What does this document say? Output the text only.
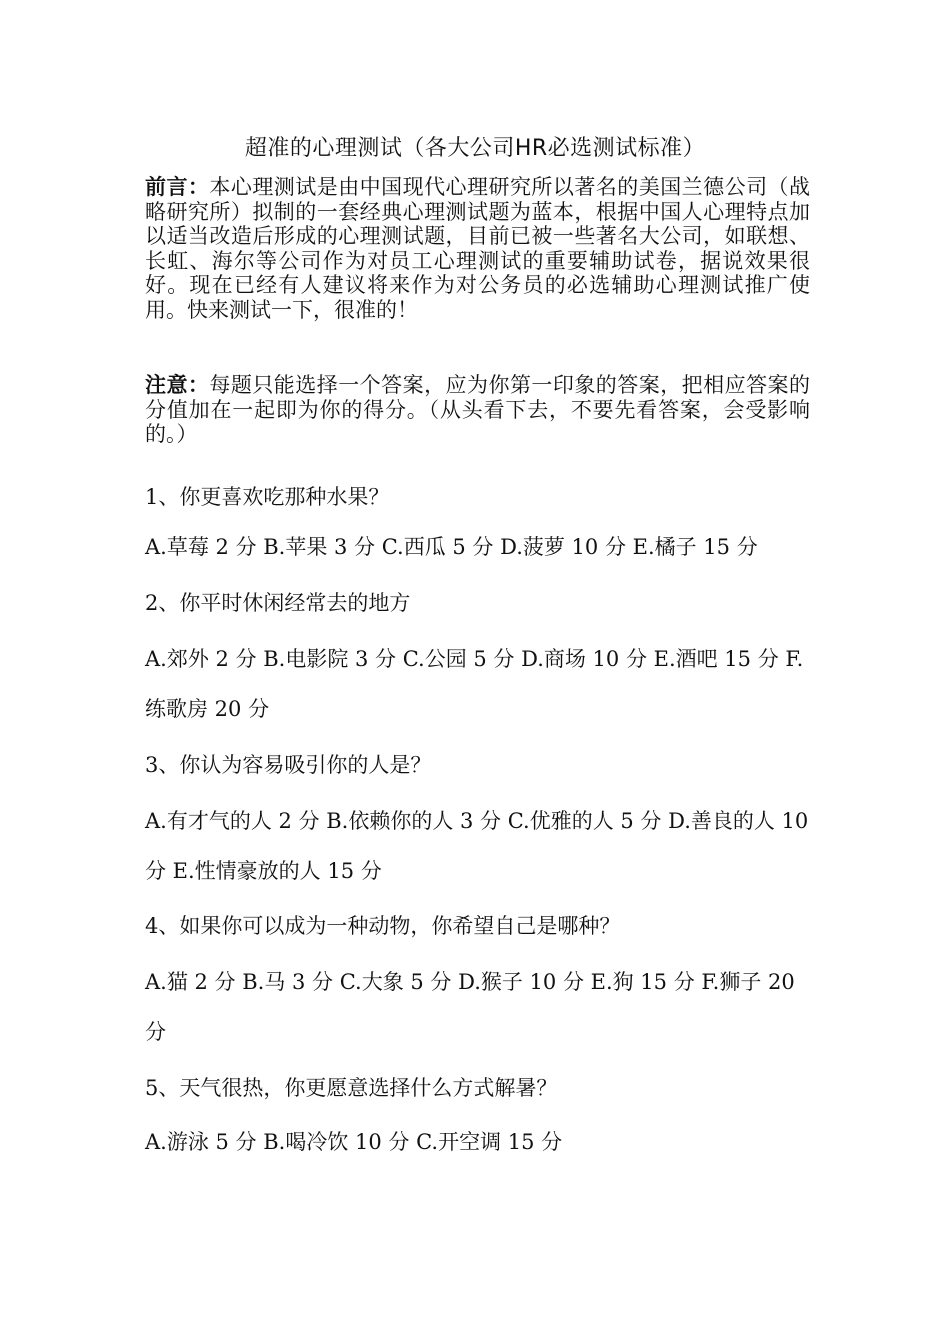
超准的心理测试（各大公司HR必选测试标准）

前言：本心理测试是由中国现代心理研究所以著名的美国兰德公司（战略研究所）拟制的一套经典心理测试题为蓝本，根据中国人心理特点加以适当改造后形成的心理测试题，目前已被一些著名大公司，如联想、长虹、海尔等公司作为对员工心理测试的重要辅助试卷，据说效果很好。现在已经有人建议将来作为对公务员的必选辅助心理测试推广使用。快来测试一下，很准的！

注意：每题只能选择一个答案，应为你第一印象的答案，把相应答案的分值加在一起即为你的得分。（从头看下去，不要先看答案，会受影响的。）

1、你更喜欢吃那种水果？

A.草莓 2 分 B.苹果 3 分 C.西瓜 5 分 D.菠萝 10 分 E.橘子 15 分

2、你平时休闲经常去的地方

A.郊外 2 分 B.电影院 3 分 C.公园 5 分 D.商场 10 分 E.酒吧 15 分 F.练歌房 20 分

3、你认为容易吸引你的人是？

A.有才气的人 2 分 B.依赖你的人 3 分 C.优雅的人 5 分 D.善良的人 10 分 E.性情豪放的人 15 分

4、如果你可以成为一种动物，你希望自己是哪种？

A.猫 2 分 B.马 3 分 C.大象 5 分 D.猴子 10 分 E.狗 15 分 F.狮子 20 分

5、天气很热，你更愿意选择什么方式解暑？

A.游泳 5 分 B.喝冷饮 10 分 C.开空调 15 分
